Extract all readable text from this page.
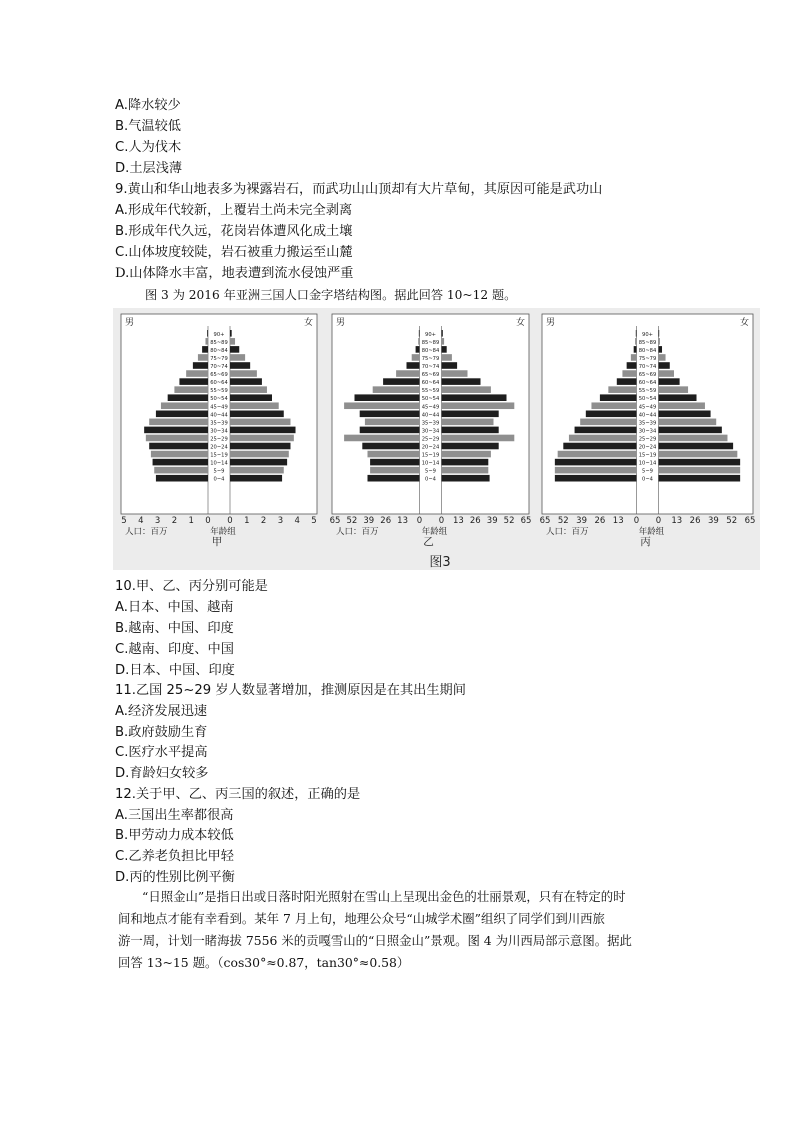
A.降水较少
B.气温较低
C.人为伐木
D.土层浅薄
9.黄山和华山地表多为裸露岩石，而武功山山顶却有大片草甸，其原因可能是武功山
A.形成年代较新，上覆岩土尚未完全剥离
B.形成年代久远，花岗岩体遭风化成土壤
C.山体坡度较陡，岩石被重力搬运至山麓
D.山体降水丰富，地表遭到流水侵蚀严重
图 3 为 2016 年亚洲三国人口金字塔结构图。据此回答 10~12 题。
男	女
90+
85~89
80~84
75~79
70~74
65~69
60~64
55~59
50~54
45~49
40~44
35~39
30~34
25~29
20~24
15~19
10~14
5~9
0~4
5 4 3 2 1 0 0 1 2 3 4 5
人口：百万	年龄组
甲
男	女
90+
85~89
80~84
75~79
70~74
65~69
60~64
55~59
50~54
45~49
40~44
35~39
30~34
25~29
20~24
15~19
10~14
5~9
0~4
65 52 39 26 13 0 0 13 26 39 52 65
人口：百万	年龄组
乙
男	女
90+
85~89
80~84
75~79
70~74
65~69
60~64
55~59
50~54
45~49
40~44
35~39
30~34
25~29
20~24
15~19
10~14
5~9
0~4
65 52 39 26 13 0 0 13 26 39 52 65
人口：百万	年龄组
丙
图3
10.甲、乙、丙分别可能是
A.日本、中国、越南
B.越南、中国、印度
C.越南、印度、中国
D.日本、中国、印度
11.乙国 25~29 岁人数显著增加，推测原因是在其出生期间
A.经济发展迅速
B.政府鼓励生育
C.医疗水平提高
D.育龄妇女较多
12.关于甲、乙、丙三国的叙述，正确的是
A.三国出生率都很高
B.甲劳动力成本较低
C.乙养老负担比甲轻
D.丙的性别比例平衡
“日照金山”是指日出或日落时阳光照射在雪山上呈现出金色的壮丽景观，只有在特定的时
间和地点才能有幸看到。某年 7 月上旬，地理公众号“山城学术圈”组织了同学们到川西旅
游一周，计划一睹海拔 7556 米的贡嘎雪山的“日照金山”景观。图 4 为川西局部示意图。据此
回答 13~15 题。（cos30°≈0.87，tan30°≈0.58）
